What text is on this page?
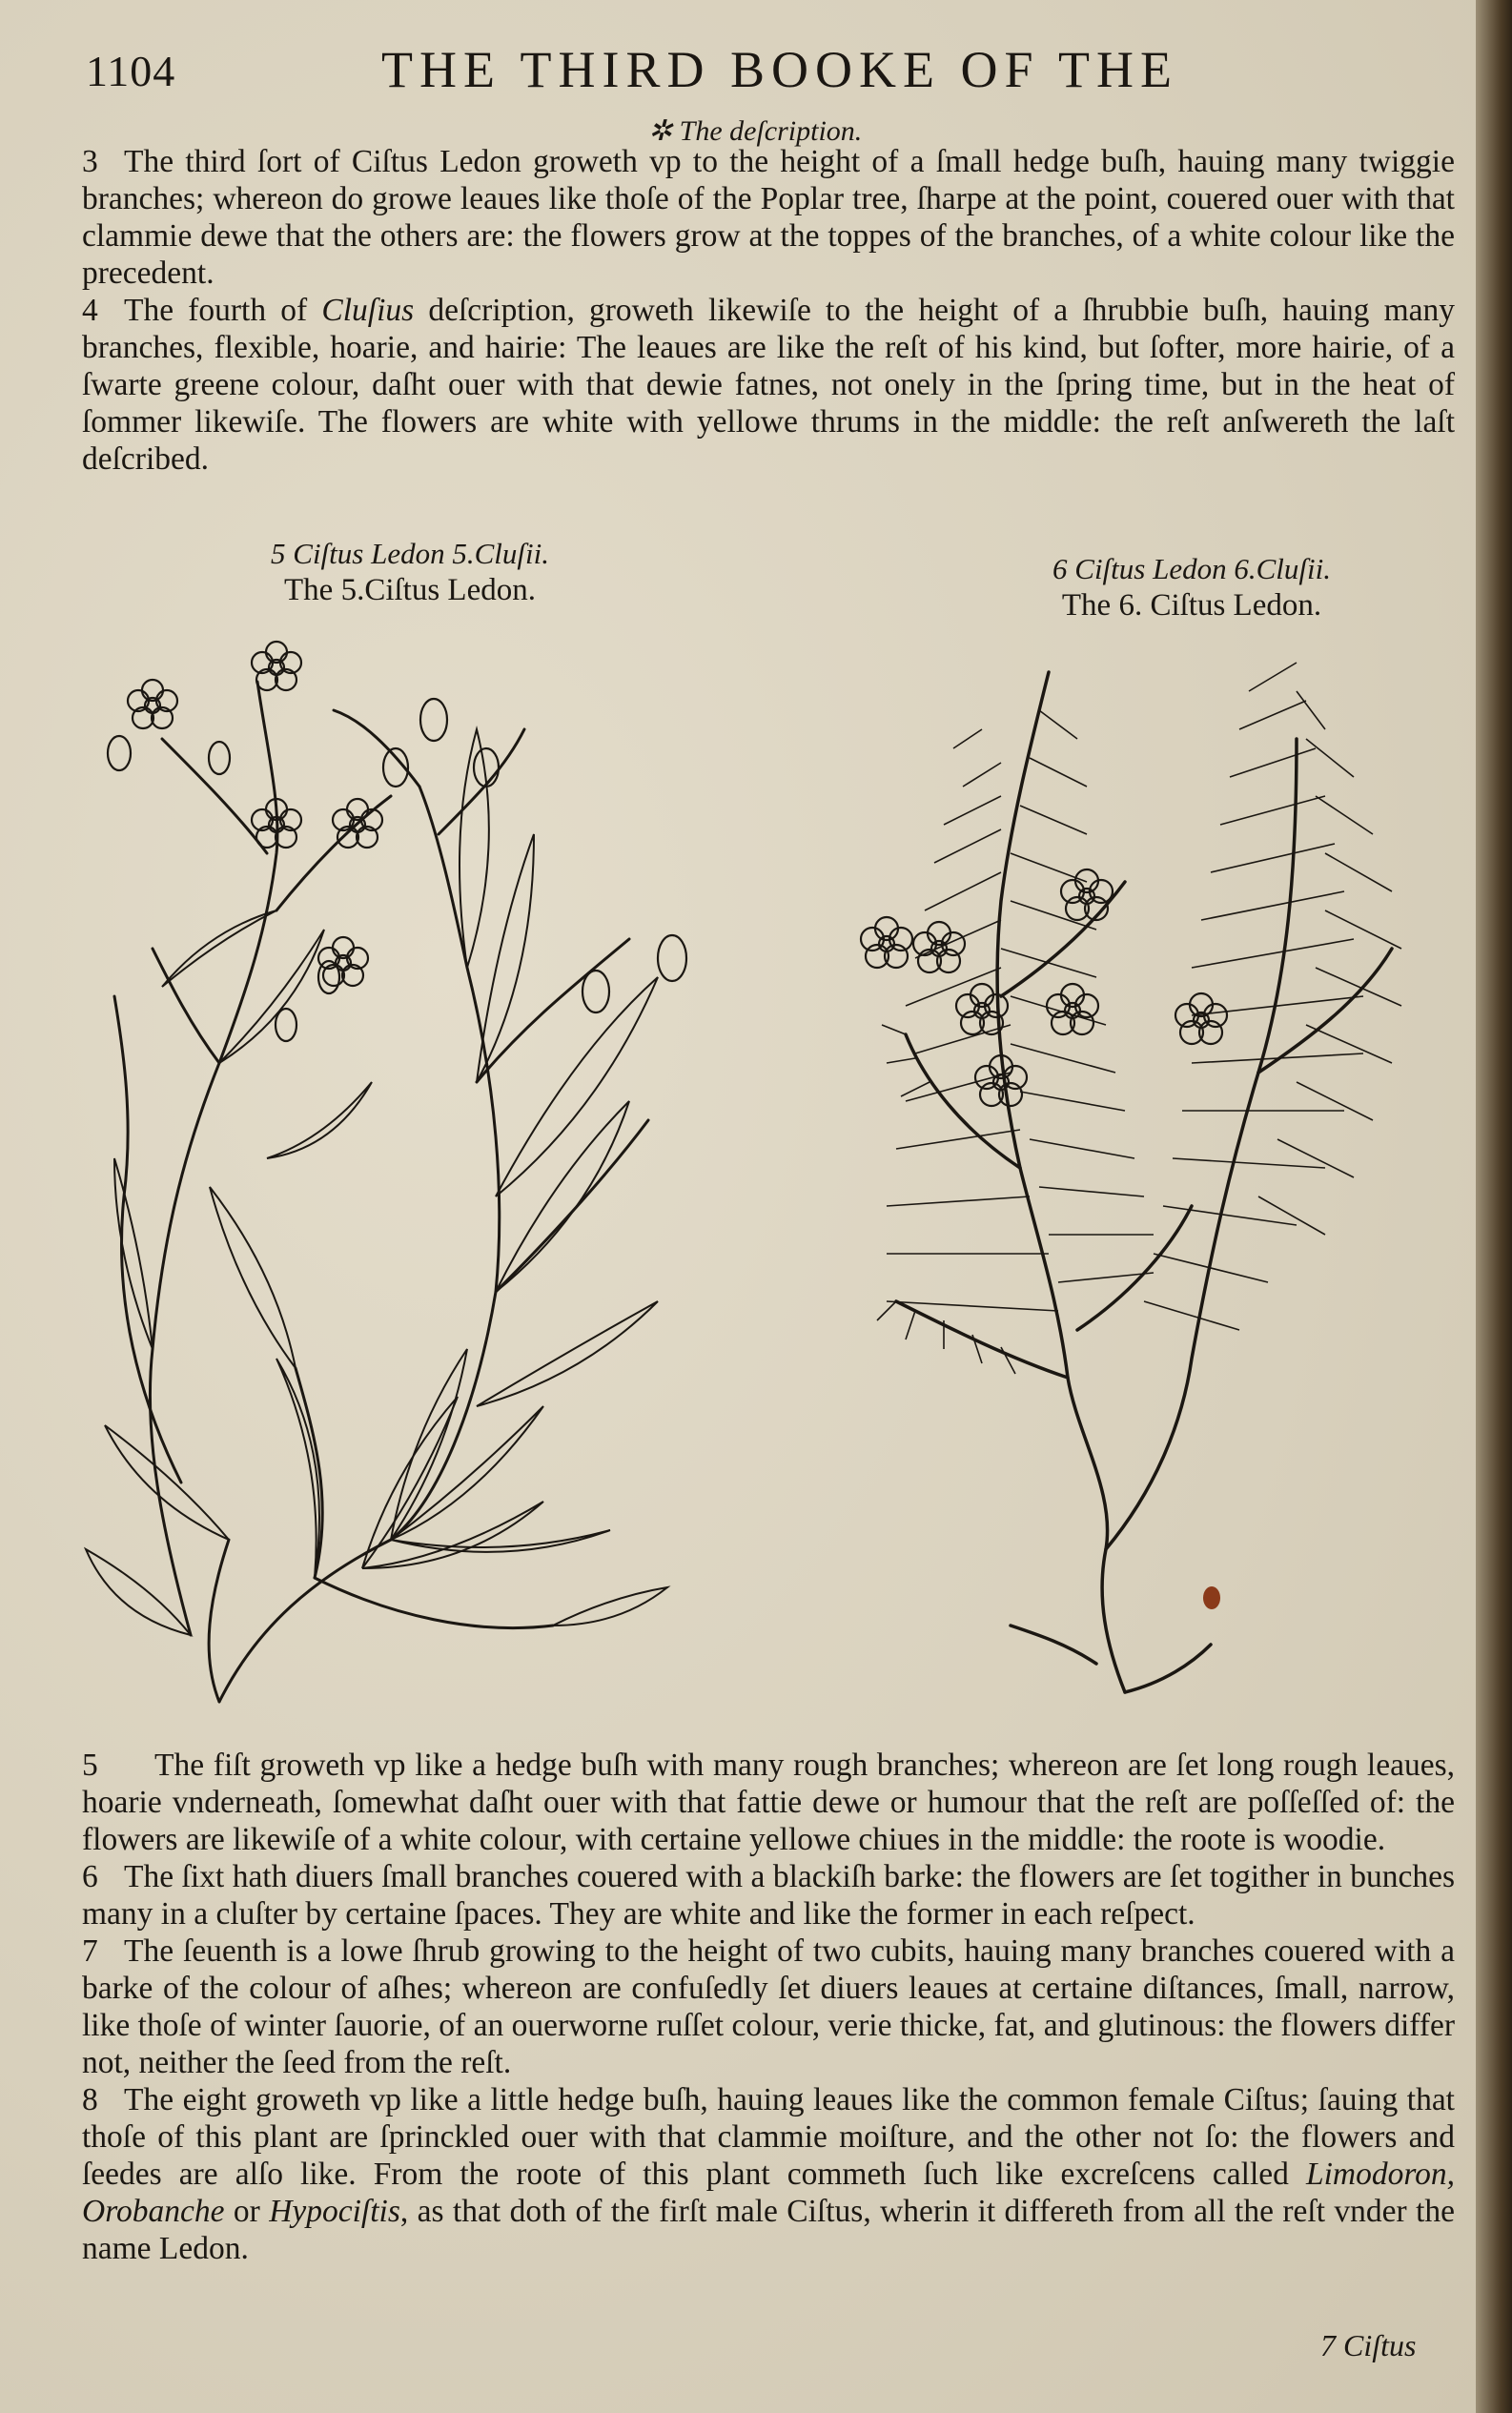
1104	THE THIRD BOOKE OF THE
✲ The deſcription.

3 The third ſort of Ciſtus Ledon groweth vp to the height of a ſmall hedge buſh, hauing many twiggie branches; whereon do growe leaues like thoſe of the Poplar tree, ſharpe at the point, couered ouer with that clammie dewe that the others are: the flowers grow at the toppes of the branches, of a white colour like the precedent.

4 The fourth of Cluſius deſcription, groweth likewiſe to the height of a ſhrubbie buſh, hauing many branches, flexible, hoarie, and hairie: The leaues are like the reſt of his kind, but ſofter, more hairie, of a ſwarte greene colour, daſht ouer with that dewie fatnes, not onely in the ſpring time, but in the heat of ſommer likewiſe. The flowers are white with yellowe thrums in the middle: the reſt anſwereth the laſt deſcribed.

5 Ciſtus Ledon 5.Cluſii.
The 5.Ciſtus Ledon.
6 Ciſtus Ledon 6.Cluſii.
The 6. Ciſtus Ledon.

5 The fiſt groweth vp like a hedge buſh with many rough branches; whereon are ſet long rough leaues, hoarie vnderneath, ſomewhat daſht ouer with that fattie dewe or humour that the reſt are poſſeſſed of: the flowers are likewiſe of a white colour, with certaine yellowe chiues in the middle: the roote is woodie.

6 The ſixt hath diuers ſmall branches couered with a blackiſh barke: the flowers are ſet togither in bunches many in a cluſter by certaine ſpaces. They are white and like the former in each reſpect.

7 The ſeuenth is a lowe ſhrub growing to the height of two cubits, hauing many branches couered with a barke of the colour of aſhes; whereon are confuſedly ſet diuers leaues at certaine diſtances, ſmall, narrow, like thoſe of winter ſauorie, of an ouerworne ruſſet colour, verie thicke, fat, and glutinous: the flowers differ not, neither the ſeed from the reſt.

8 The eight groweth vp like a little hedge buſh, hauing leaues like the common female Ciſtus; ſauing that thoſe of this plant are ſprinckled ouer with that clammie moiſture, and the other not ſo: the flowers and ſeedes are alſo like. From the roote of this plant commeth ſuch like excreſcens called Limodoron, Orobanche or Hypociſtis, as that doth of the firſt male Ciſtus, wherin it differeth from all the reſt vnder the name Ledon.

7 Ciſtus
